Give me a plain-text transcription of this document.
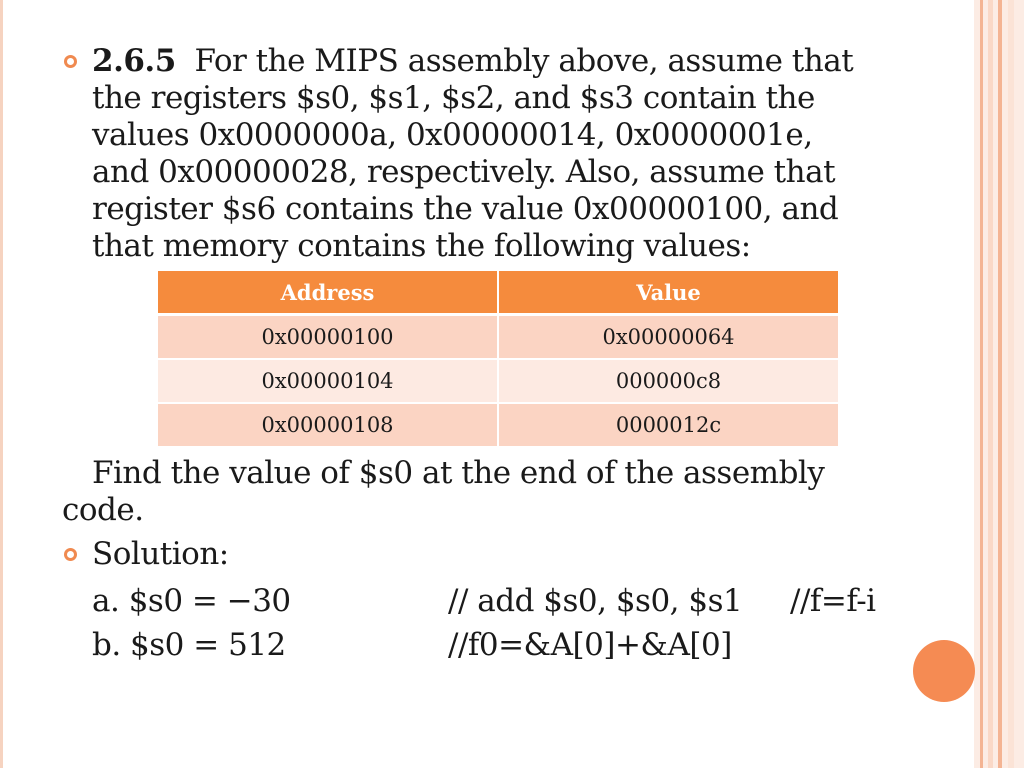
2.6.5 For the MIPS assembly above, assume that
the registers $s0, $s1, $s2, and $s3 contain the
values 0x0000000a, 0x00000014, 0x0000001e,
and 0x00000028, respectively. Also, assume that
register $s6 contains the value 0x00000100, and
that memory contains the following values:
Address	Value
0x00000100	0x00000064
0x00000104	000000c8
0x00000108	0000012c
Find the value of $s0 at the end of the assembly
code.
Solution:
a. $s0 = −30	// add $s0, $s0, $s1 //f=f-i
b. $s0 = 512	//f0=&A[0]+&A[0]
